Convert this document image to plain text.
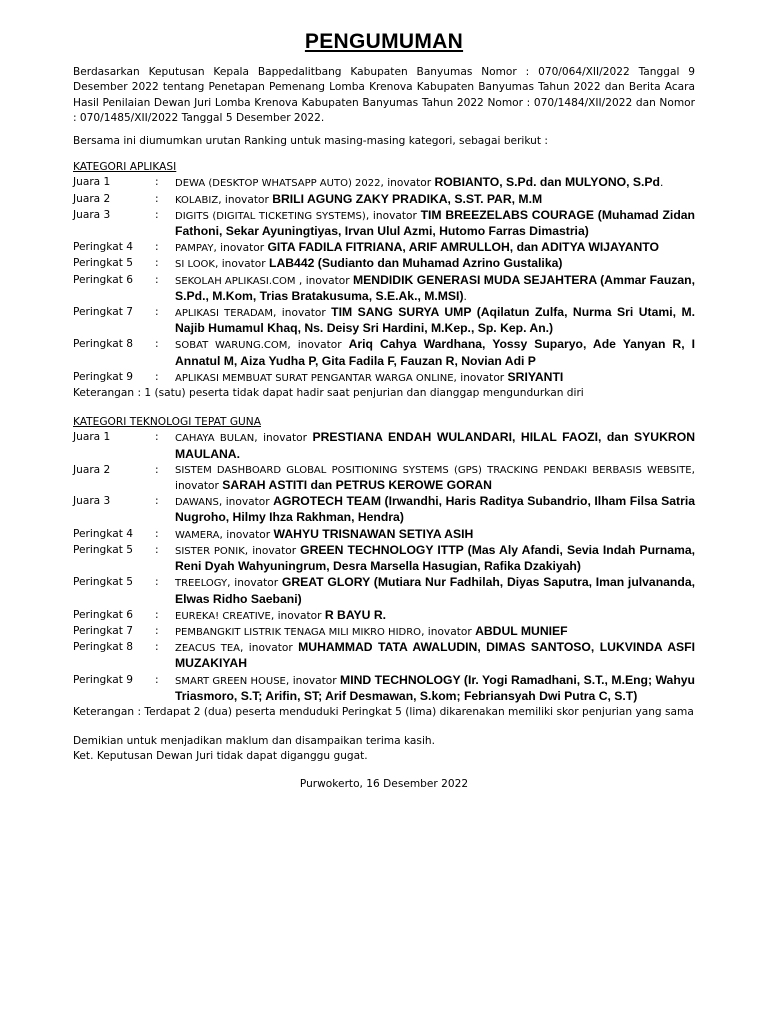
PENGUMUMAN

Berdasarkan Keputusan Kepala Bappedalitbang Kabupaten Banyumas Nomor : 070/064/XII/2022 Tanggal 9 Desember 2022 tentang Penetapan Pemenang Lomba Krenova Kabupaten Banyumas Tahun 2022 dan Berita Acara Hasil Penilaian Dewan Juri Lomba Krenova Kabupaten Banyumas Tahun 2022 Nomor : 070/1484/XII/2022 dan Nomor : 070/1485/XII/2022 Tanggal 5 Desember 2022.

Bersama ini diumumkan urutan Ranking untuk masing-masing kategori, sebagai berikut :

KATEGORI APLIKASI
Juara 1	:	DEWA (DESKTOP WHATSAPP AUTO) 2022, inovator ROBIANTO, S.Pd. dan MULYONO, S.Pd.
Juara 2	:	KOLABIZ, inovator BRILI AGUNG ZAKY PRADIKA, S.ST. PAR, M.M
Juara 3	:	DIGITS (DIGITAL TICKETING SYSTEMS), inovator TIM BREEZELABS COURAGE (Muhamad Zidan Fathoni, Sekar Ayuningtiyas, Irvan Ulul Azmi, Hutomo Farras Dimastria)
Peringkat 4	:	PAMPAY, inovator GITA FADILA FITRIANA, ARIF AMRULLOH, dan ADITYA WIJAYANTO
Peringkat 5	:	SI LOOK, inovator LAB442 (Sudianto dan Muhamad Azrino Gustalika)
Peringkat 6	:	SEKOLAH APLIKASI.COM , inovator MENDIDIK GENERASI MUDA SEJAHTERA (Ammar Fauzan, S.Pd., M.Kom, Trias Bratakusuma, S.E.Ak., M.MSI).
Peringkat 7	:	APLIKASI TERADAM, inovator TIM SANG SURYA UMP (Aqilatun Zulfa, Nurma Sri Utami, M. Najib Humamul Khaq, Ns. Deisy Sri Hardini, M.Kep., Sp. Kep. An.)
Peringkat 8	:	SOBAT WARUNG.COM, inovator Ariq Cahya Wardhana, Yossy Suparyo, Ade Yanyan R, I Annatul M, Aiza Yudha P, Gita Fadila F, Fauzan R, Novian Adi P
Peringkat 9	:	APLIKASI MEMBUAT SURAT PENGANTAR WARGA ONLINE, inovator SRIYANTI

Keterangan : 1 (satu) peserta tidak dapat hadir saat penjurian dan dianggap mengundurkan diri

KATEGORI TEKNOLOGI TEPAT GUNA
Juara 1	:	CAHAYA BULAN, inovator PRESTIANA ENDAH WULANDARI, HILAL FAOZI, dan SYUKRON MAULANA.
Juara 2	:	SISTEM DASHBOARD GLOBAL POSITIONING SYSTEMS (GPS) TRACKING PENDAKI BERBASIS WEBSITE, inovator SARAH ASTITI dan PETRUS KEROWE GORAN
Juara 3	:	DAWANS, inovator AGROTECH TEAM (Irwandhi, Haris Raditya Subandrio, Ilham Filsa Satria Nugroho, Hilmy Ihza Rakhman, Hendra)
Peringkat 4	:	WAMERA, inovator WAHYU TRISNAWAN SETIYA ASIH
Peringkat 5	:	SISTER PONIK, inovator GREEN TECHNOLOGY ITTP (Mas Aly Afandi, Sevia Indah Purnama, Reni Dyah Wahyuningrum, Desra Marsella Hasugian, Rafika Dzakiyah)
Peringkat 5	:	TREELOGY, inovator GREAT GLORY (Mutiara Nur Fadhilah, Diyas Saputra, Iman julvananda, Elwas Ridho Saebani)
Peringkat 6	:	EUREKA! CREATIVE, inovator R BAYU R.
Peringkat 7	:	PEMBANGKIT LISTRIK TENAGA MILI MIKRO HIDRO, inovator ABDUL MUNIEF
Peringkat 8	:	ZEACUS TEA, inovator MUHAMMAD TATA AWALUDIN, DIMAS SANTOSO, LUKVINDA ASFI MUZAKIYAH
Peringkat 9	:	SMART GREEN HOUSE, inovator MIND TECHNOLOGY (Ir. Yogi Ramadhani, S.T., M.Eng; Wahyu Triasmoro, S.T; Arifin, ST; Arif Desmawan, S.kom; Febriansyah Dwi Putra C, S.T)

Keterangan : Terdapat 2 (dua) peserta menduduki Peringkat 5 (lima) dikarenakan memiliki skor penjurian yang sama

Demikian untuk menjadikan maklum dan disampaikan terima kasih.

Ket. Keputusan Dewan Juri tidak dapat diganggu gugat.

Purwokerto, 16 Desember 2022
